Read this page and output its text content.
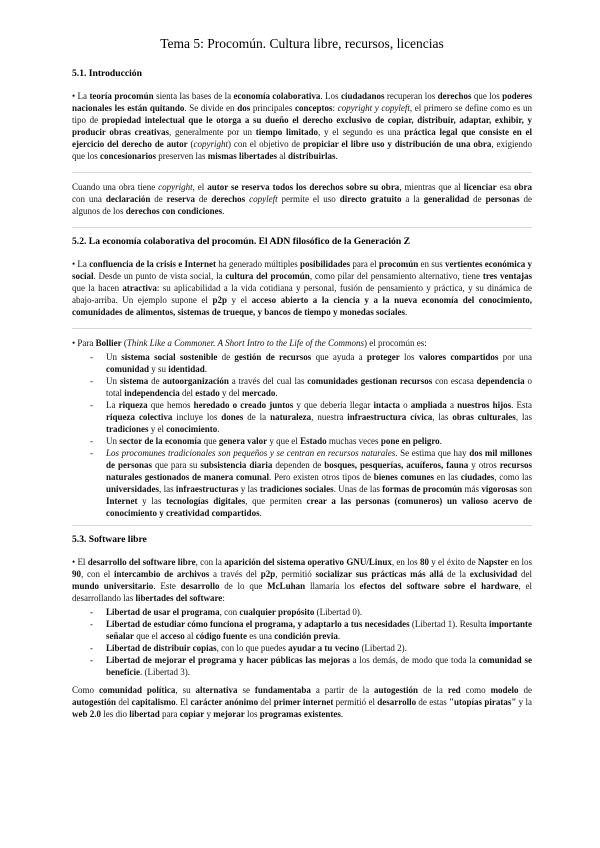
Tema 5: Procomún. Cultura libre, recursos, licencias
5.1. Introducción
• La teoría procomún sienta las bases de la economía colaborativa. Los ciudadanos recuperan los derechos que los poderes nacionales les están quitando. Se divide en dos principales conceptos: copyright y copyleft, el primero se define como es un tipo de propiedad intelectual que le otorga a su dueño el derecho exclusivo de copiar, distribuir, adaptar, exhibir, y producir obras creativas, generalmente por un tiempo limitado, y el segundo es una práctica legal que consiste en el ejercicio del derecho de autor (copyright) con el objetivo de propiciar el libre uso y distribución de una obra, exigiendo que los concesionarios preserven las mismas libertades al distribuirlas.
Cuando una obra tiene copyright, el autor se reserva todos los derechos sobre su obra, mientras que al licenciar esa obra con una declaración de reserva de derechos copyleft permite el uso directo gratuito a la generalidad de personas de algunos de los derechos con condiciones.
5.2. La economía colaborativa del procomún. El ADN filosófico de la Generación Z
• La confluencia de la crisis e Internet ha generado múltiples posibilidades para el procomún en sus vertientes económica y social. Desde un punto de vista social, la cultura del procomún, como pilar del pensamiento alternativo, tiene tres ventajas que la hacen atractiva: su aplicabilidad a la vida cotidiana y personal, fusión de pensamiento y práctica, y su dinámica de abajo-arriba. Un ejemplo supone el p2p y el acceso abierto a la ciencia y a la nueva economía del conocimiento, comunidades de alimentos, sistemas de trueque, y bancos de tiempo y monedas sociales.
• Para Bollier (Think Like a Commoner. A Short Intro to the Life of the Commons) el procomún es:
- Un sistema social sostenible de gestión de recursos que ayuda a proteger los valores compartidos por una comunidad y su identidad.
- Un sistema de autoorganización a través del cual las comunidades gestionan recursos con escasa dependencia o total independencia del estado y del mercado.
- La riqueza que hemos heredado o creado juntos y que debería llegar intacta o ampliada a nuestros hijos. Esta riqueza colectiva incluye los dones de la naturaleza, nuestra infraestructura cívica, las obras culturales, las tradiciones y el conocimiento.
- Un sector de la economía que genera valor y que el Estado muchas veces pone en peligro.
- Los procomunes tradicionales son pequeños y se centran en recursos naturales. Se estima que hay dos mil millones de personas que para su subsistencia diaria dependen de bosques, pesquerías, acuíferos, fauna y otros recursos naturales gestionados de manera comunal. Pero existen otros tipos de bienes comunes en las ciudades, como las universidades, las infraestructuras y las tradiciones sociales. Unas de las formas de procomún más vigorosas son Internet y las tecnologías digitales, que permiten crear a las personas (comuneros) un valioso acervo de conocimiento y creatividad compartidos.
5.3. Software libre
• El desarrollo del software libre, con la aparición del sistema operativo GNU/Linux, en los 80 y el éxito de Napster en los 90, con el intercambio de archivos a través del p2p, permitió socializar sus prácticas más allá de la exclusividad del mundo universitario. Este desarrollo de lo que McLuhan llamaría los efectos del software sobre el hardware, el desarrollando las libertades del software:
- Libertad de usar el programa, con cualquier propósito (Libertad 0).
- Libertad de estudiar cómo funciona el programa, y adaptarlo a tus necesidades (Libertad 1). Resulta importante señalar que el acceso al código fuente es una condición previa.
- Libertad de distribuir copias, con lo que puedes ayudar a tu vecino (Libertad 2).
- Libertad de mejorar el programa y hacer públicas las mejoras a los demás, de modo que toda la comunidad se beneficie. (Libertad 3).
Como comunidad política, su alternativa se fundamentaba a partir de la autogestión de la red como modelo de autogestión del capitalismo. El carácter anónimo del primer internet permitió el desarrollo de estas "utopías piratas" y la web 2.0 les dio libertad para copiar y mejorar los programas existentes.
